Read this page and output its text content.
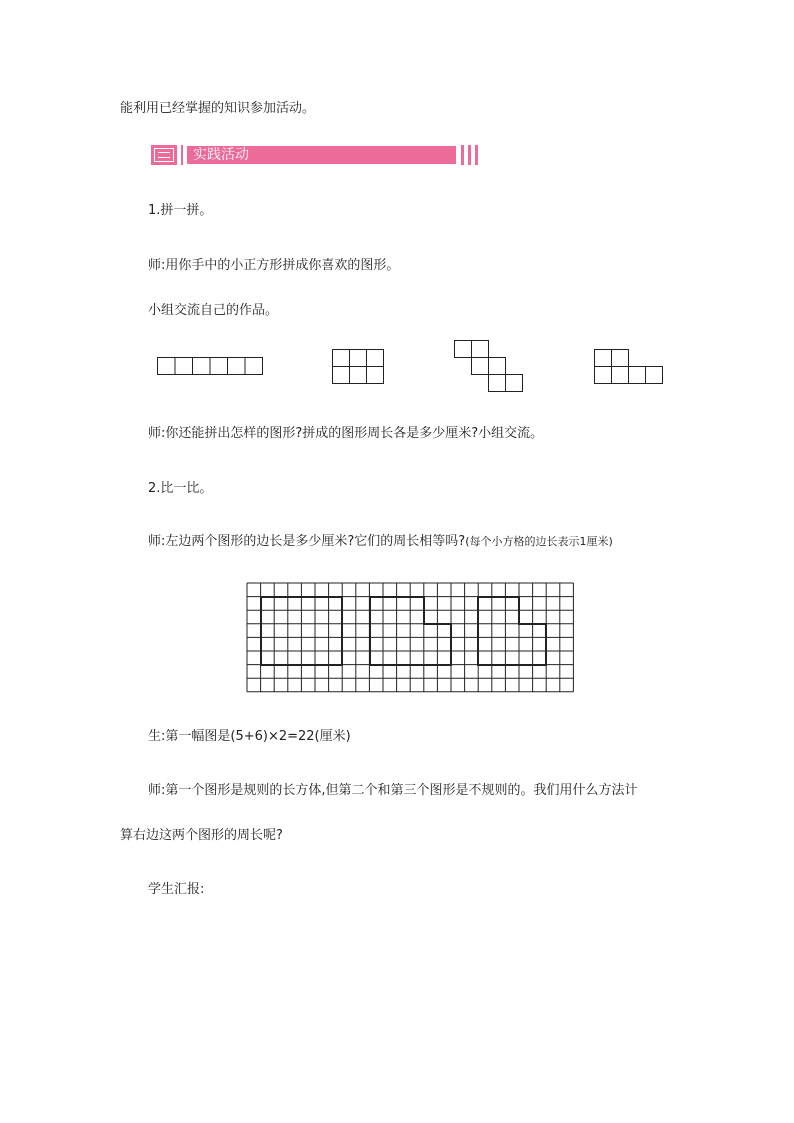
能利用已经掌握的知识参加活动。
实践活动
1.拼一拼。
师:用你手中的小正方形拼成你喜欢的图形。
小组交流自己的作品。
师:你还能拼出怎样的图形?拼成的图形周长各是多少厘米?小组交流。
2.比一比。
师:左边两个图形的边长是多少厘米?它们的周长相等吗?(每个小方格的边长表示1厘米)
生:第一幅图是(5+6)×2=22(厘米)
师:第一个图形是规则的长方体,但第二个和第三个图形是不规则的。我们用什么方法计
算右边这两个图形的周长呢?
学生汇报:
